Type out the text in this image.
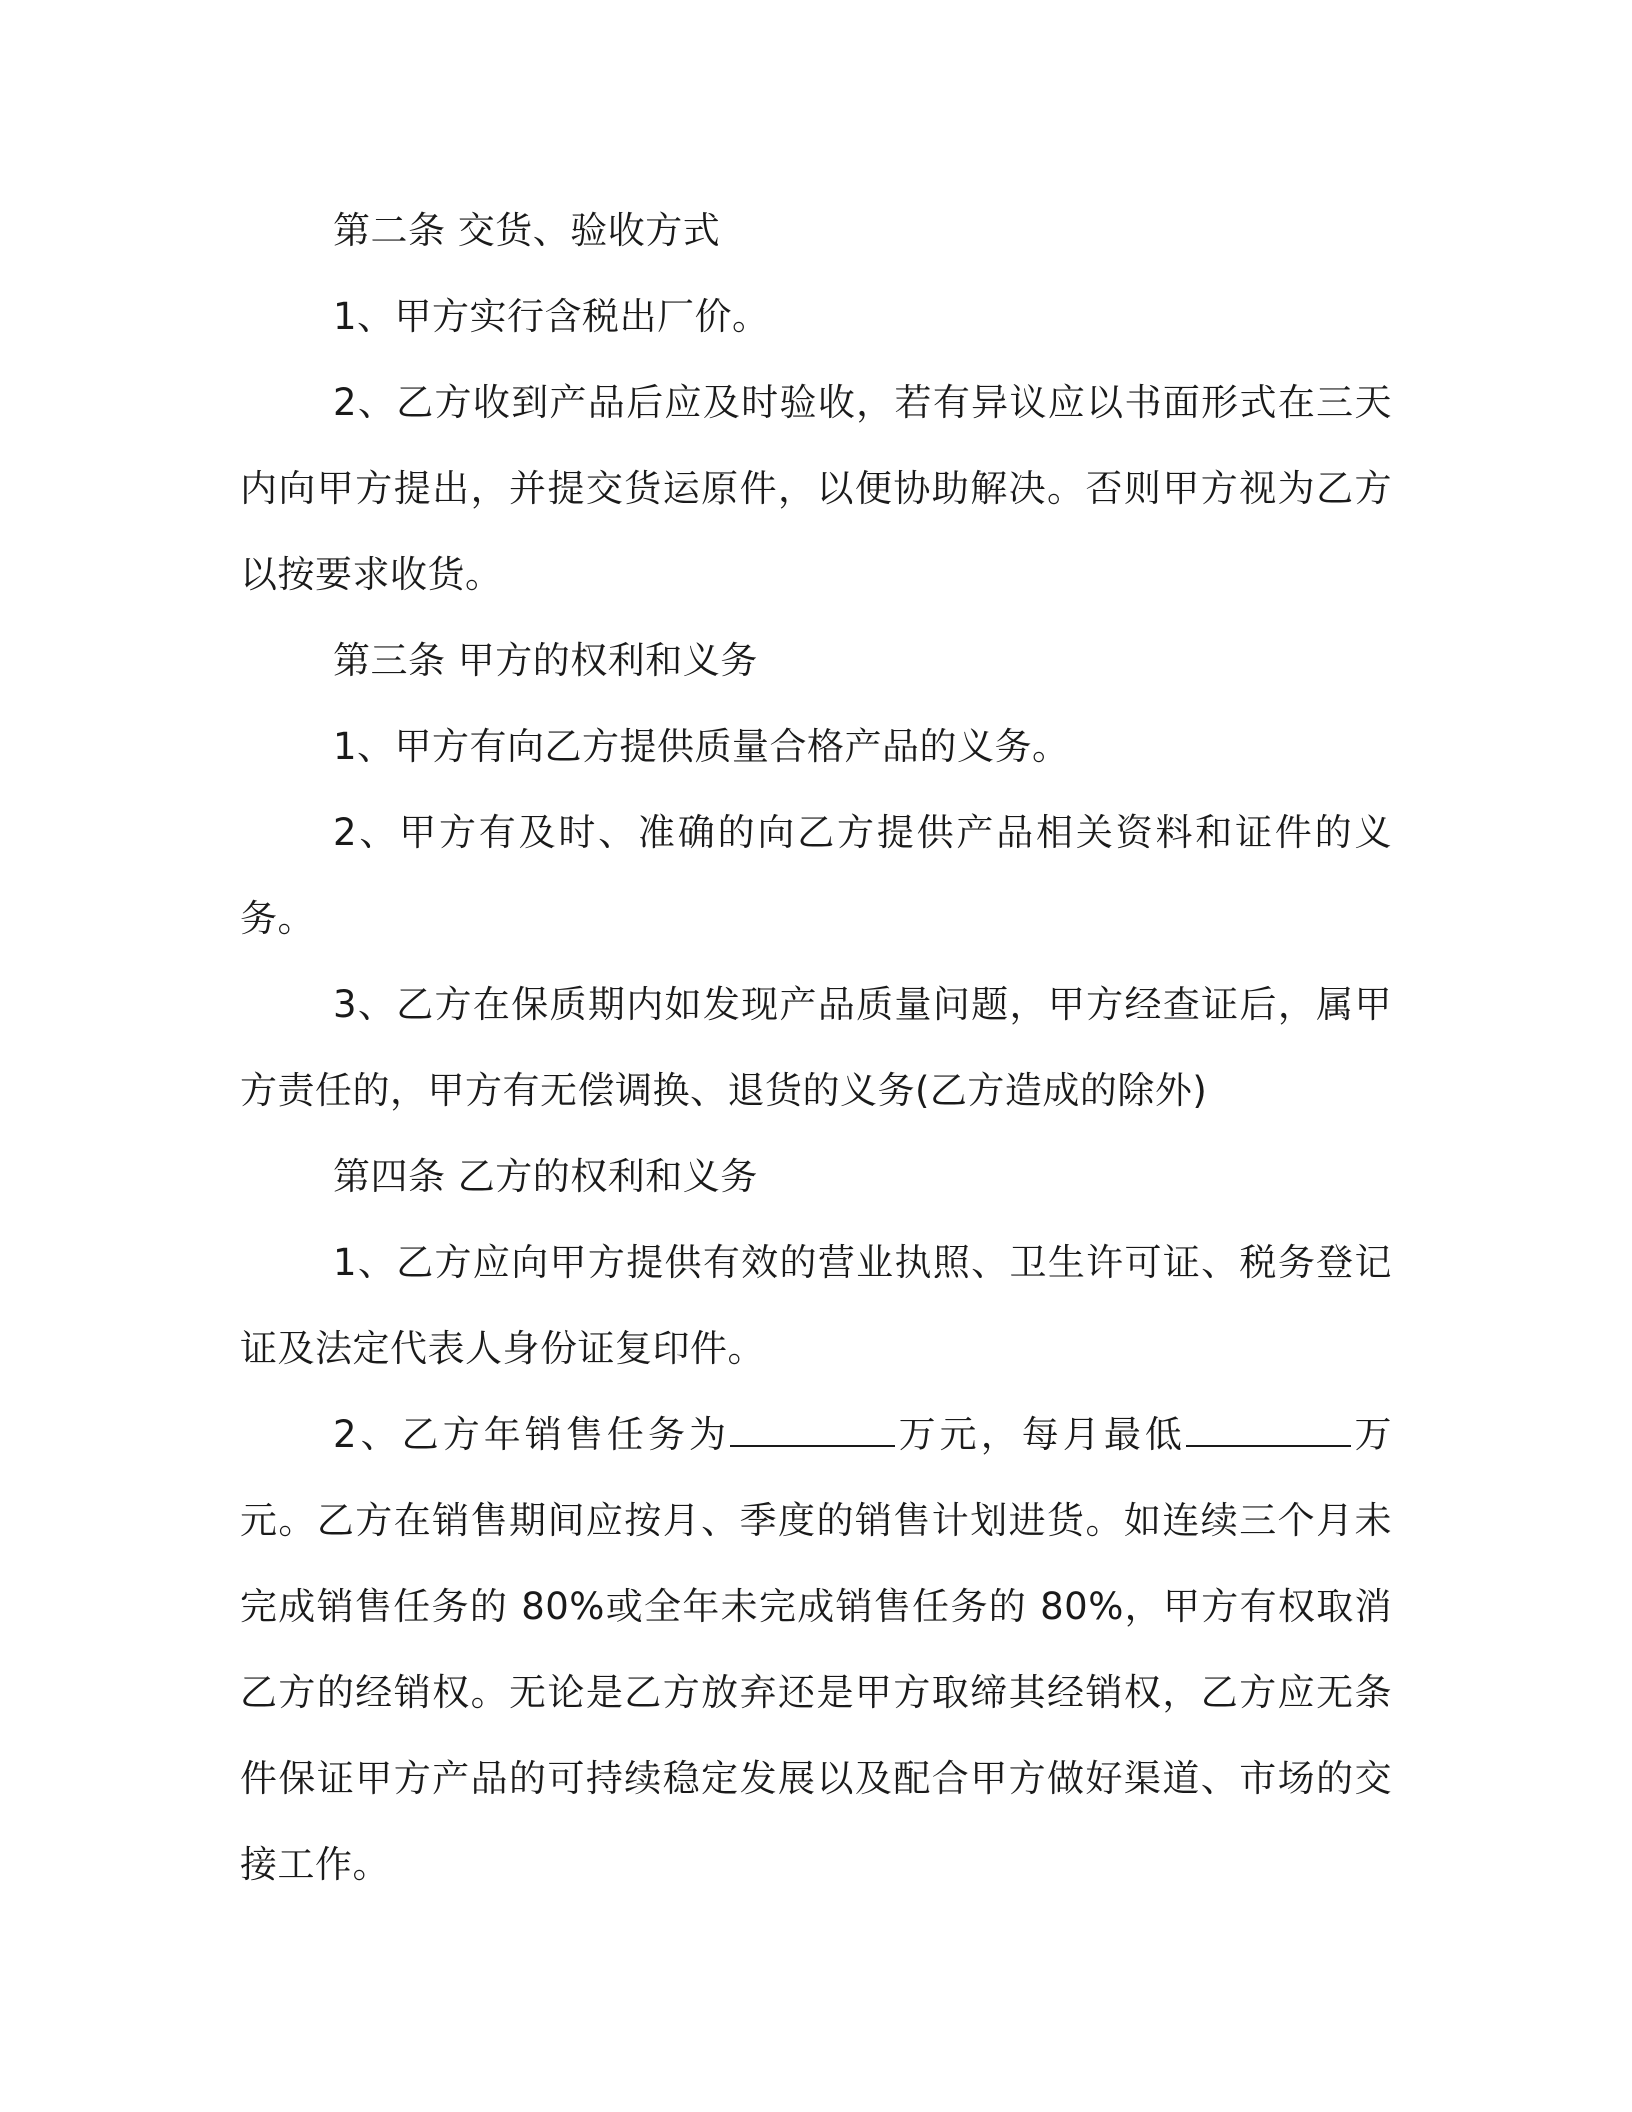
第二条 交货、验收方式

1、甲方实行含税出厂价。

2、乙方收到产品后应及时验收，若有异议应以书面形式在三天内向甲方提出，并提交货运原件，以便协助解决。否则甲方视为乙方以按要求收货。

第三条 甲方的权利和义务

1、甲方有向乙方提供质量合格产品的义务。

2、甲方有及时、准确的向乙方提供产品相关资料和证件的义务。

3、乙方在保质期内如发现产品质量问题，甲方经查证后，属甲方责任的，甲方有无偿调换、退货的义务(乙方造成的除外)

第四条 乙方的权利和义务

1、乙方应向甲方提供有效的营业执照、卫生许可证、税务登记证及法定代表人身份证复印件。

2、乙方年销售任务为	万元，每月最低	万元。乙方在销售期间应按月、季度的销售计划进货。如连续三个月未完成销售任务的 80%或全年未完成销售任务的 80%，甲方有权取消乙方的经销权。无论是乙方放弃还是甲方取缔其经销权，乙方应无条件保证甲方产品的可持续稳定发展以及配合甲方做好渠道、市场的交接工作。
